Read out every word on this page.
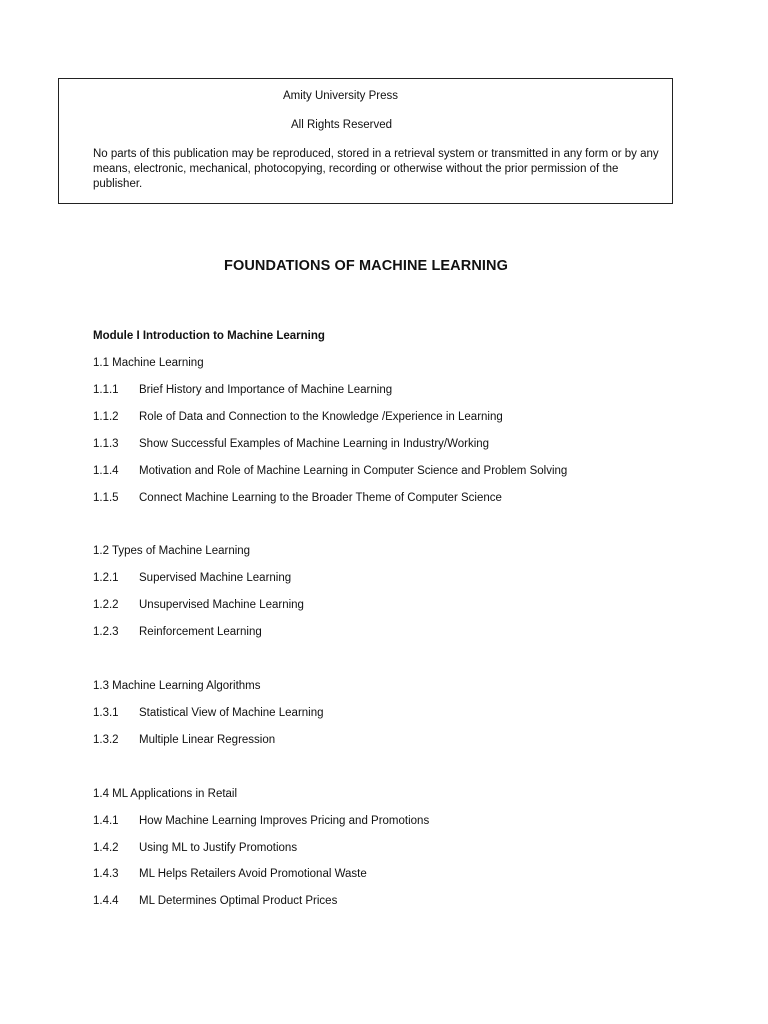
Amity University Press
All Rights Reserved
No parts of this publication may be reproduced, stored in a retrieval system or transmitted in any form or by any means, electronic, mechanical, photocopying, recording or otherwise without the prior permission of the publisher.
FOUNDATIONS OF MACHINE LEARNING
Module I Introduction to Machine Learning
1.1 Machine Learning
1.1.1 Brief History and Importance of Machine Learning
1.1.2 Role of Data and Connection to the Knowledge /Experience in Learning
1.1.3 Show Successful Examples of Machine Learning in Industry/Working
1.1.4 Motivation and Role of Machine Learning in Computer Science and Problem Solving
1.1.5 Connect Machine Learning to the Broader Theme of Computer Science
1.2 Types of Machine Learning
1.2.1 Supervised Machine Learning
1.2.2 Unsupervised Machine Learning
1.2.3 Reinforcement Learning
1.3 Machine Learning Algorithms
1.3.1 Statistical View of Machine Learning
1.3.2 Multiple Linear Regression
1.4 ML Applications in Retail
1.4.1 How Machine Learning Improves Pricing and Promotions
1.4.2 Using ML to Justify Promotions
1.4.3 ML Helps Retailers Avoid Promotional Waste
1.4.4 ML Determines Optimal Product Prices
